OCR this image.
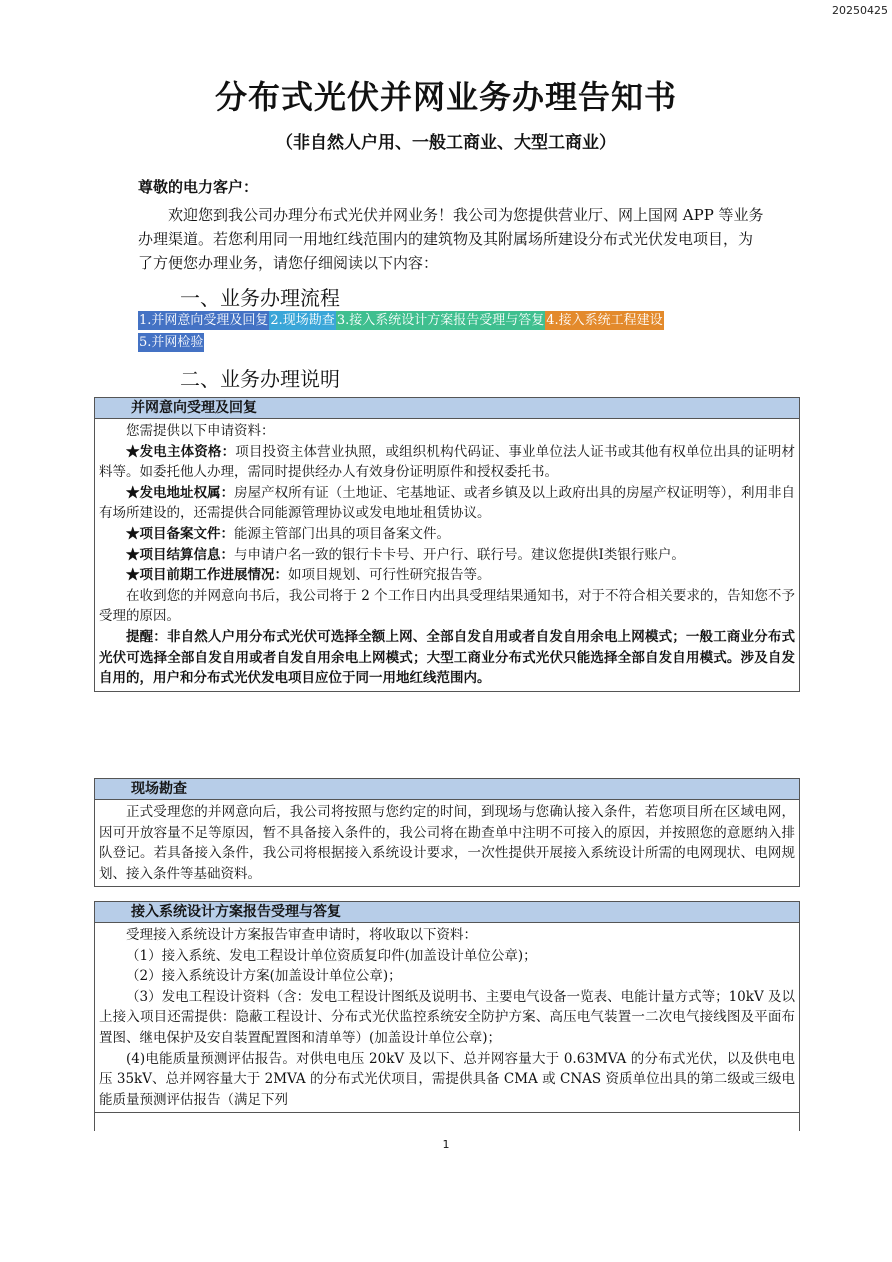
20250425
分布式光伏并网业务办理告知书
（非自然人户用、一般工商业、大型工商业）
尊敬的电力客户：

欢迎您到我公司办理分布式光伏并网业务！我公司为您提供营业厅、网上国网 APP 等业务办理渠道。若您利用同一用地红线范围内的建筑物及其附属场所建设分布式光伏发电项目，为了方便您办理业务，请您仔细阅读以下内容：

一、业务办理流程
1.并网意向受理及回复 2.现场勘查 3.接入系统设计方案报告受理与答复 4.接入系统工程建设
5.并网检验
二、业务办理说明
并网意向受理及回复

您需提供以下申请资料：

★发电主体资格：项目投资主体营业执照，或组织机构代码证、事业单位法人证书或其他有权单位出具的证明材料等。如委托他人办理，需同时提供经办人有效身份证明原件和授权委托书。

★发电地址权属：房屋产权所有证（土地证、宅基地证、或者乡镇及以上政府出具的房屋产权证明等），利用非自有场所建设的，还需提供合同能源管理协议或发电地址租赁协议。

★项目备案文件：能源主管部门出具的项目备案文件。

★项目结算信息：与申请户名一致的银行卡卡号、开户行、联行号。建议您提供Ⅰ类银行账户。

★项目前期工作进展情况：如项目规划、可行性研究报告等。

在收到您的并网意向书后，我公司将于 2 个工作日内出具受理结果通知书，对于不符合相关要求的，告知您不予受理的原因。

提醒：非自然人户用分布式光伏可选择全额上网、全部自发自用或者自发自用余电上网模式；一般工商业分布式光伏可选择全部自发自用或者自发自用余电上网模式；大型工商业分布式光伏只能选择全部自发自用模式。涉及自发自用的，用户和分布式光伏发电项目应位于同一用地红线范围内。

现场勘查

正式受理您的并网意向后，我公司将按照与您约定的时间，到现场与您确认接入条件，若您项目所在区域电网，因可开放容量不足等原因，暂不具备接入条件的，我公司将在勘查单中注明不可接入的原因，并按照您的意愿纳入排队登记。若具备接入条件，我公司将根据接入系统设计要求，一次性提供开展接入系统设计所需的电网现状、电网规划、接入条件等基础资料。

接入系统设计方案报告受理与答复

受理接入系统设计方案报告审查申请时，将收取以下资料：

（1）接入系统、发电工程设计单位资质复印件(加盖设计单位公章)；

（2）接入系统设计方案(加盖设计单位公章)；

（3）发电工程设计资料（含：发电工程设计图纸及说明书、主要电气设备一览表、电能计量方式等；10kV 及以上接入项目还需提供：隐蔽工程设计、分布式光伏监控系统安全防护方案、高压电气装置一二次电气接线图及平面布置图、继电保护及安自装置配置图和清单等）(加盖设计单位公章)；

(4)电能质量预测评估报告。对供电电压 20kV 及以下、总并网容量大于 0.63MVA 的分布式光伏，以及供电电压 35kV、总并网容量大于 2MVA 的分布式光伏项目，需提供具备 CMA 或 CNAS 资质单位出具的第二级或三级电能质量预测评估报告（满足下列

1
